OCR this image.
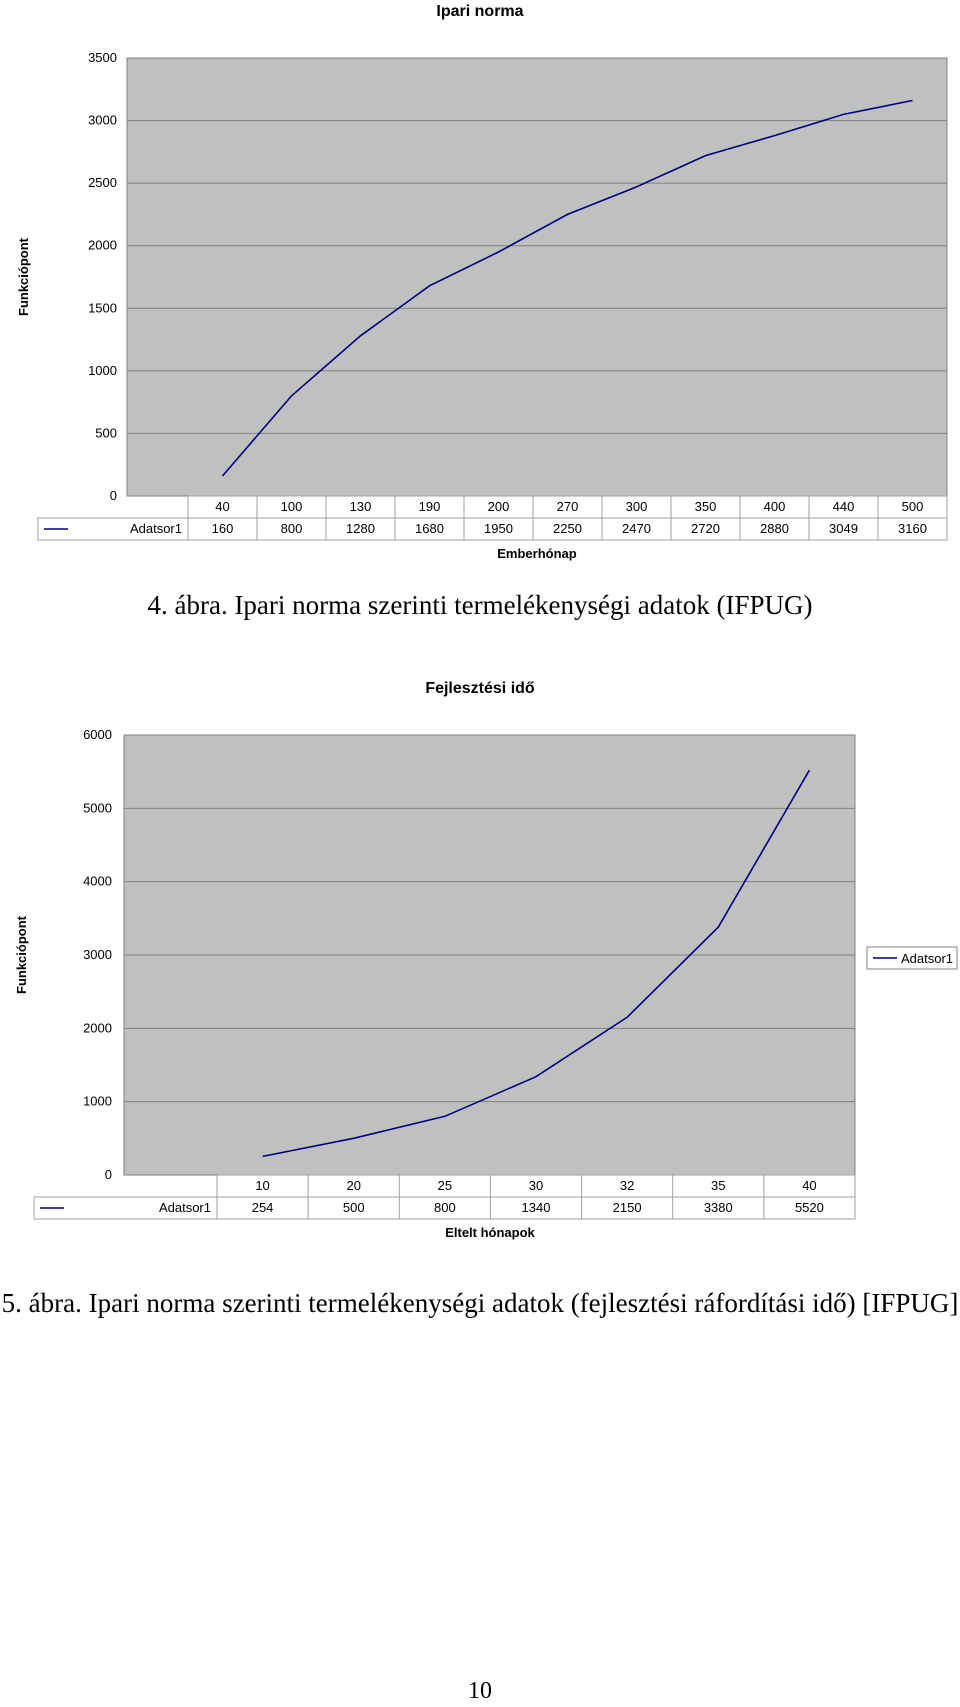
Ipari norma
0
500
1000
1500
2000
2500
3000
3500
Funkciópont
40	100	130	190	200	270	300	350	400	440	500
160	800	1280	1680	1950	2250	2470	2720	2880	3049	3160
Adatsor1
Emberhónap
4. ábra. Ipari norma szerinti termelékenységi adatok (IFPUG)
Fejlesztési idő
0
1000
2000
3000
4000
5000
6000
Funkciópont
10	20	25	30	32	35	40
254	500	800	1340	2150	3380	5520
Adatsor1
Eltelt hónapok
Adatsor1
5. ábra. Ipari norma szerinti termelékenységi adatok (fejlesztési ráfordítási idő) [IFPUG]
10
